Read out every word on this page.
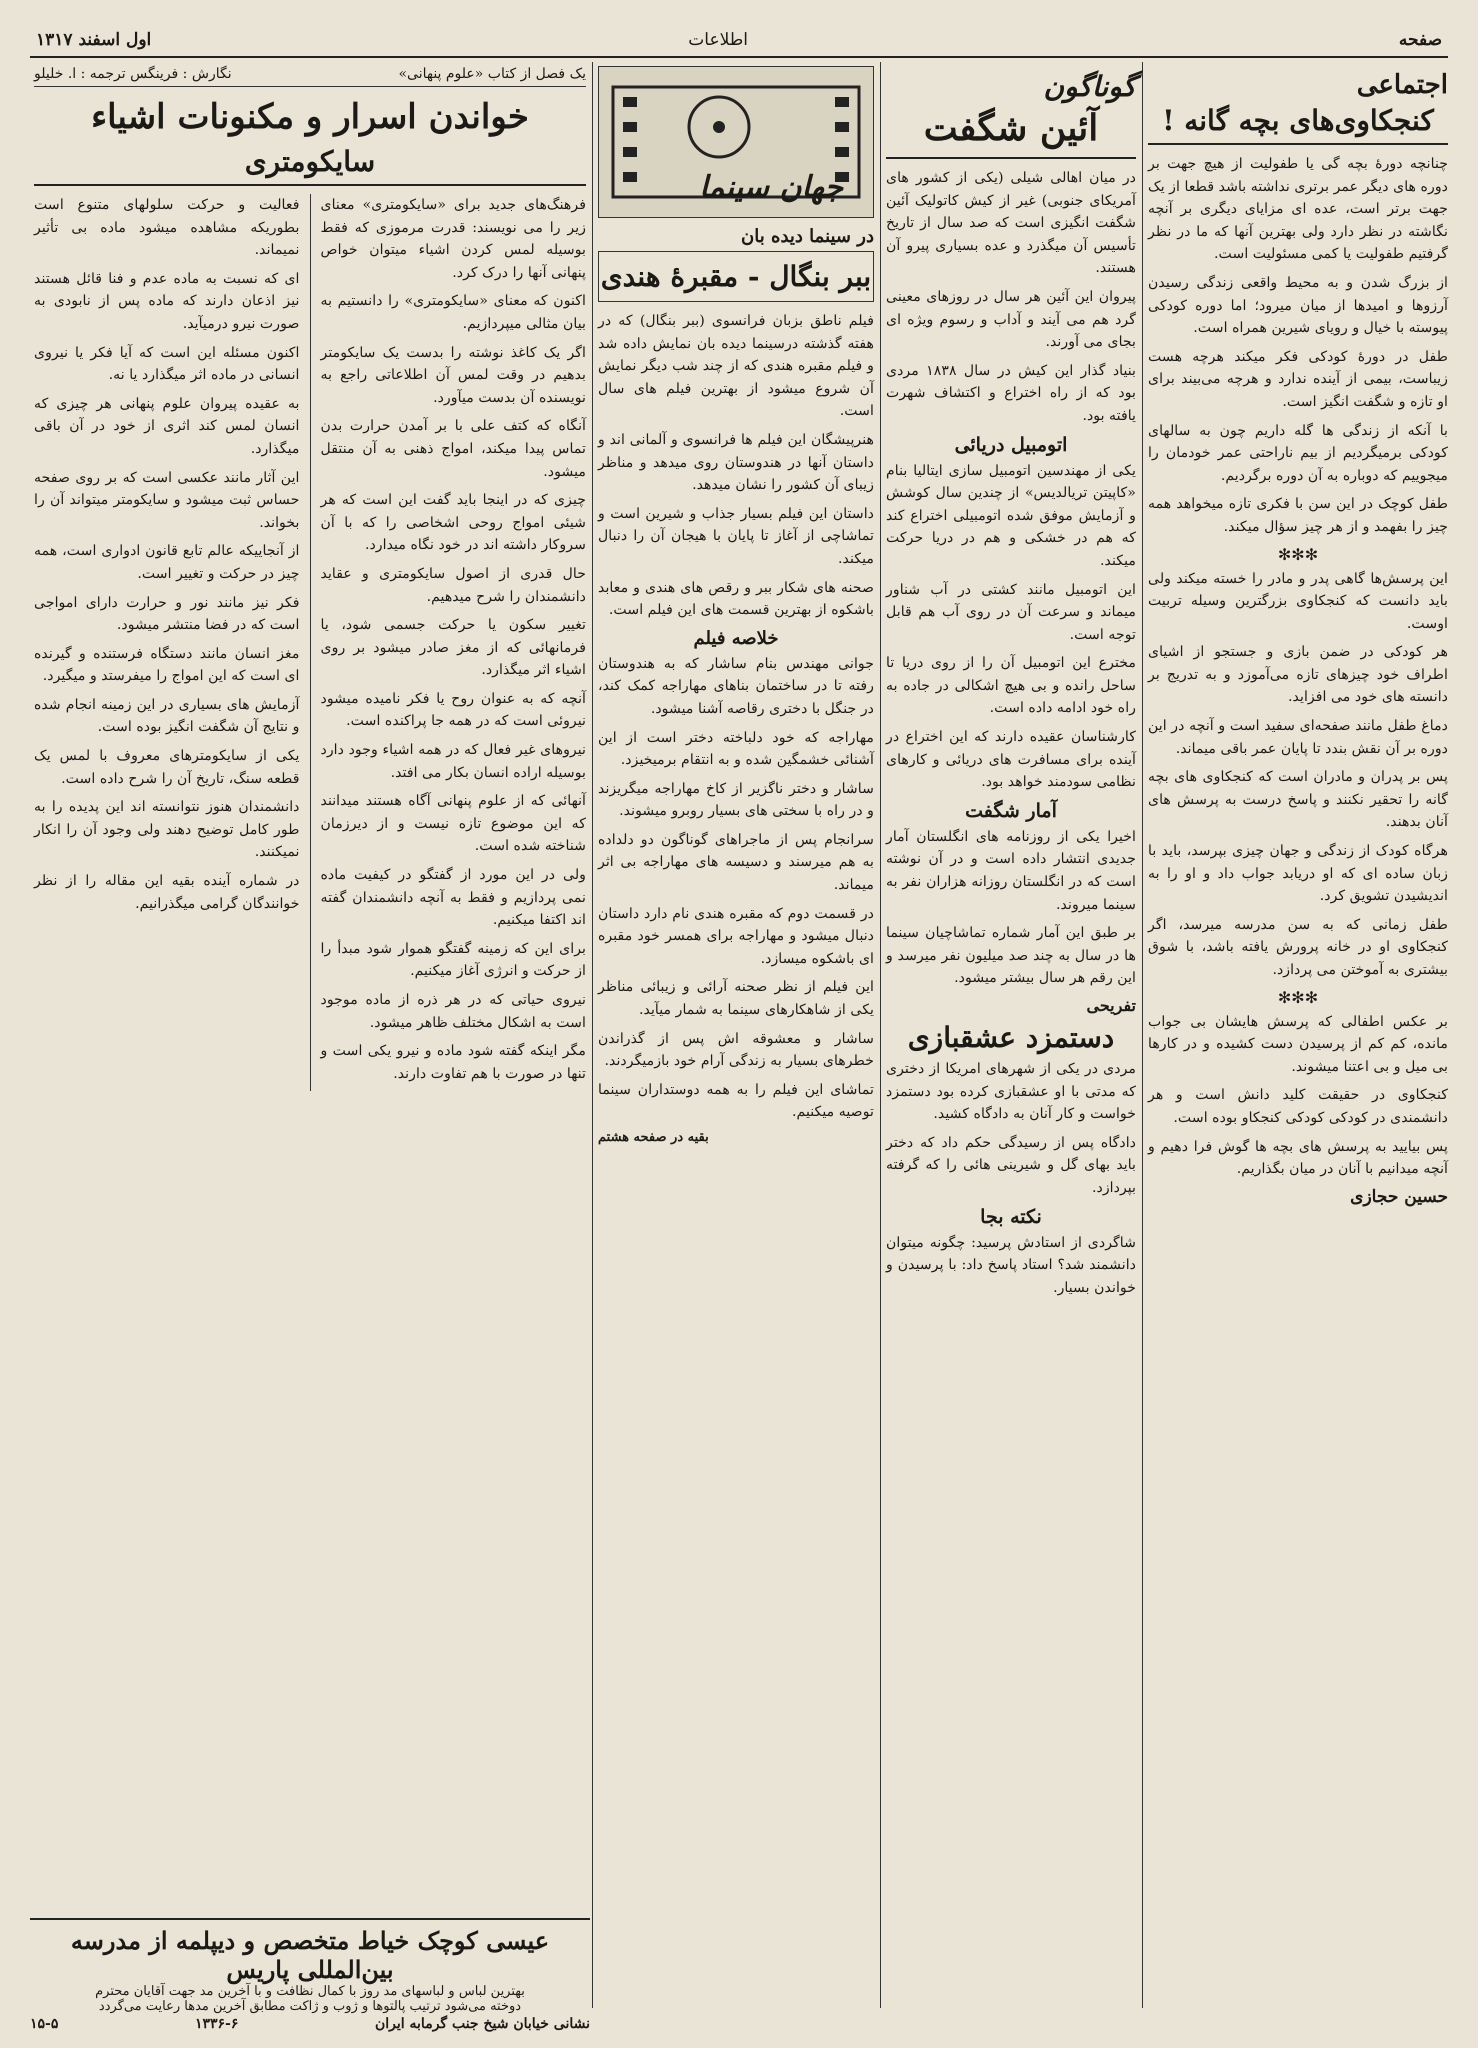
صفحه
اطلاعات
اول اسفند ۱۳۱۷
اجتماعی
کنجکاوی‌های بچه گانه !

چنانچه دورهٔ بچه گی یا طفولیت از هیچ جهت بر دوره های دیگر عمر برتری نداشته باشد قطعا از یک جهت برتر است، عده ای مزایای دیگری بر آنچه نگاشته در نظر دارد ولی بهترین آنها که ما در نظر گرفتیم طفولیت یا کمی مسئولیت است.

از بزرگ شدن و به محیط واقعی زندگی رسیدن آرزوها و امیدها از میان میرود؛ اما دوره کودکی پیوسته با خیال و رویای شیرین همراه است.

طفل در دورهٔ کودکی فکر میکند هرچه هست زیباست، بیمی از آینده ندارد و هرچه می‌بیند برای او تازه و شگفت انگیز است.

با آنکه از زندگی ها گله داریم چون به سالهای کودکی برمیگردیم از بیم ناراحتی عمر خودمان را میجوییم که دوباره به آن دوره برگردیم.

طفل کوچک در این سن با فکری تازه میخواهد همه چیز را بفهمد و از هر چیز سؤال میکند.

✻✻✻

این پرسش‌ها گاهی پدر و مادر را خسته میکند ولی باید دانست که کنجکاوی بزرگترین وسیله تربیت اوست.

هر کودکی در ضمن بازی و جستجو از اشیای اطراف خود چیزهای تازه می‌آموزد و به تدریج بر دانسته های خود می افزاید.

دماغ طفل مانند صفحه‌ای سفید است و آنچه در این دوره بر آن نقش بندد تا پایان عمر باقی میماند.

پس بر پدران و مادران است که کنجکاوی های بچه گانه را تحقیر نکنند و پاسخ درست به پرسش های آنان بدهند.

هرگاه کودک از زندگی و جهان چیزی بپرسد، باید با زبان ساده ای که او دریابد جواب داد و او را به اندیشیدن تشویق کرد.

طفل زمانی که به سن مدرسه میرسد، اگر کنجکاوی او در خانه پرورش یافته باشد، با شوق بیشتری به آموختن می پردازد.

✻✻✻

بر عکس اطفالی که پرسش هایشان بی جواب مانده، کم کم از پرسیدن دست کشیده و در کارها بی میل و بی اعتنا میشوند.

کنجکاوی در حقیقت کلید دانش است و هر دانشمندی در کودکی کودکی کنجکاو بوده است.

پس بیایید به پرسش های بچه ها گوش فرا دهیم و آنچه میدانیم با آنان در میان بگذاریم.

حسین حجازی
گوناگون
آئین شگفت

در میان اهالی شیلی (یکی از کشور های آمریکای جنوبی) غیر از کیش کاتولیک آئین شگفت انگیزی است که صد سال از تاریخ تأسیس آن میگذرد و عده بسیاری پیرو آن هستند.

پیروان این آئین هر سال در روزهای معینی گرد هم می آیند و آداب و رسوم ویژه ای بجای می آورند.

بنیاد گذار این کیش در سال ۱۸۳۸ مردی بود که از راه اختراع و اکتشاف شهرت یافته بود.

اتومبیل دریائی

یکی از مهندسین اتومبیل سازی ایتالیا بنام «کاپیتن تریالدیس» از چندین سال کوشش و آزمایش موفق شده اتومبیلی اختراع کند که هم در خشکی و هم در دریا حرکت میکند.

این اتومبیل مانند کشتی در آب شناور میماند و سرعت آن در روی آب هم قابل توجه است.

مخترع این اتومبیل آن را از روی دریا تا ساحل رانده و بی هیچ اشکالی در جاده به راه خود ادامه داده است.

کارشناسان عقیده دارند که این اختراع در آینده برای مسافرت های دریائی و کارهای نظامی سودمند خواهد بود.

آمار شگفت

اخیرا یکی از روزنامه های انگلستان آمار جدیدی انتشار داده است و در آن نوشته است که در انگلستان روزانه هزاران نفر به سینما میروند.

بر طبق این آمار شماره تماشاچیان سینما ها در سال به چند صد میلیون نفر میرسد و این رقم هر سال بیشتر میشود.

تفریحی
دستمزد عشقبازی

مردی در یکی از شهرهای امریکا از دختری که مدتی با او عشقبازی کرده بود دستمزد خواست و کار آنان به دادگاه کشید.

دادگاه پس از رسیدگی حکم داد که دختر باید بهای گل و شیرینی هائی را که گرفته بپردازد.

نکته بجا

شاگردی از استادش پرسید: چگونه میتوان دانشمند شد؟ استاد پاسخ داد: با پرسیدن و خواندن بسیار.

جهان سینما
در سینما دیده بان
ببر بنگال - مقبرهٔ هندی

فیلم ناطق بزبان فرانسوی (ببر بنگال) که در هفته گذشته درسینما دیده بان نمایش داده شد و فیلم مقبره هندی که از چند شب دیگر نمایش آن شروع میشود از بهترین فیلم های سال است.

هنرپیشگان این فیلم ها فرانسوی و آلمانی اند و داستان آنها در هندوستان روی میدهد و مناظر زیبای آن کشور را نشان میدهد.

داستان این فیلم بسیار جذاب و شیرین است و تماشاچی از آغاز تا پایان با هیجان آن را دنبال میکند.

صحنه های شکار ببر و رقص های هندی و معابد باشکوه از بهترین قسمت های این فیلم است.

خلاصه فیلم

جوانی مهندس بنام ساشار که به هندوستان رفته تا در ساختمان بناهای مهاراجه کمک کند، در جنگل با دختری رقاصه آشنا میشود.

مهاراجه که خود دلباخته دختر است از این آشنائی خشمگین شده و به انتقام برمیخیزد.

ساشار و دختر ناگزیر از کاخ مهاراجه میگریزند و در راه با سختی های بسیار روبرو میشوند.

سرانجام پس از ماجراهای گوناگون دو دلداده به هم میرسند و دسیسه های مهاراجه بی اثر میماند.

در قسمت دوم که مقبره هندی نام دارد داستان دنبال میشود و مهاراجه برای همسر خود مقبره ای باشکوه میسازد.

این فیلم از نظر صحنه آرائی و زیبائی مناظر یکی از شاهکارهای سینما به شمار میآید.

ساشار و معشوقه اش پس از گذراندن خطرهای بسیار به زندگی آرام خود بازمیگردند.

تماشای این فیلم را به همه دوستداران سینما توصیه میکنیم.

بقیه در صفحه هشتم
یک فصل از کتاب «علوم پنهانی»
نگارش : فرینگس ترجمه : ا. خلیلو
خواندن اسرار و مکنونات اشیاء
سایکومتری

فرهنگ‌های جدید برای «سایکومتری» معنای زیر را می نویسند: قدرت مرموزی که فقط بوسیله لمس کردن اشیاء میتوان خواص پنهانی آنها را درک کرد.

اکنون که معنای «سایکومتری» را دانستیم به بیان مثالی میپردازیم.

اگر یک کاغذ نوشته را بدست یک سایکومتر بدهیم در وقت لمس آن اطلاعاتی راجع به نویسنده آن بدست میآورد.

آنگاه که کتف علی با بر آمدن حرارت بدن تماس پیدا میکند، امواج ذهنی به آن منتقل میشود.

چیزی که در اینجا باید گفت این است که هر شیئی امواج روحی اشخاصی را که با آن سروکار داشته اند در خود نگاه میدارد.

حال قدری از اصول سایکومتری و عقاید دانشمندان را شرح میدهیم.

تغییر سکون یا حرکت جسمی شود، یا فرمانهائی که از مغز صادر میشود بر روی اشیاء اثر میگذارد.

آنچه که به عنوان روح یا فکر نامیده میشود نیروئی است که در همه جا پراکنده است.

نیروهای غیر فعال که در همه اشیاء وجود دارد بوسیله اراده انسان بکار می افتد.

آنهائی که از علوم پنهانی آگاه هستند میدانند که این موضوع تازه نیست و از دیرزمان شناخته شده است.

ولی در این مورد از گفتگو در کیفیت ماده نمی پردازیم و فقط به آنچه دانشمندان گفته اند اکتفا میکنیم.

برای این که زمینه گفتگو هموار شود مبدأ را از حرکت و انرژی آغاز میکنیم.

نیروی حیاتی که در هر ذره از ماده موجود است به اشکال مختلف ظاهر میشود.

مگر اینکه گفته شود ماده و نیرو یکی است و تنها در صورت با هم تفاوت دارند.

فعالیت و حرکت سلولهای متنوع است بطوریکه مشاهده میشود ماده بی تأثیر نمیماند.

ای که نسبت به ماده عدم و فنا قائل هستند نیز اذعان دارند که ماده پس از نابودی به صورت نیرو درمیآید.

اکنون مسئله این است که آیا فکر یا نیروی انسانی در ماده اثر میگذارد یا نه.

به عقیده پیروان علوم پنهانی هر چیزی که انسان لمس کند اثری از خود در آن باقی میگذارد.

این آثار مانند عکسی است که بر روی صفحه حساس ثبت میشود و سایکومتر میتواند آن را بخواند.

از آنجاییکه عالم تابع قانون ادواری است، همه چیز در حرکت و تغییر است.

فکر نیز مانند نور و حرارت دارای امواجی است که در فضا منتشر میشود.

مغز انسان مانند دستگاه فرستنده و گیرنده ای است که این امواج را میفرستد و میگیرد.

آزمایش های بسیاری در این زمینه انجام شده و نتایج آن شگفت انگیز بوده است.

یکی از سایکومترهای معروف با لمس یک قطعه سنگ، تاریخ آن را شرح داده است.

دانشمندان هنوز نتوانسته اند این پدیده را به طور کامل توضیح دهند ولی وجود آن را انکار نمیکنند.

در شماره آینده بقیه این مقاله را از نظر خوانندگان گرامی میگذرانیم.

عیسی کوچک خیاط متخصص و دیپلمه از مدرسه بین‌المللی پاریس
بهترین لباس و لباسهای مد روز با کمال نظافت و با آخرین مد جهت آقایان محترم
دوخته می‌شود ترتیب پالتوها و ژوب و ژاکت مطابق آخرین مدها رعایت می‌گردد
نشانی خیابان شیخ جنب گرمابه ایران
۱۳۳۶-۶
۱۵-۵
